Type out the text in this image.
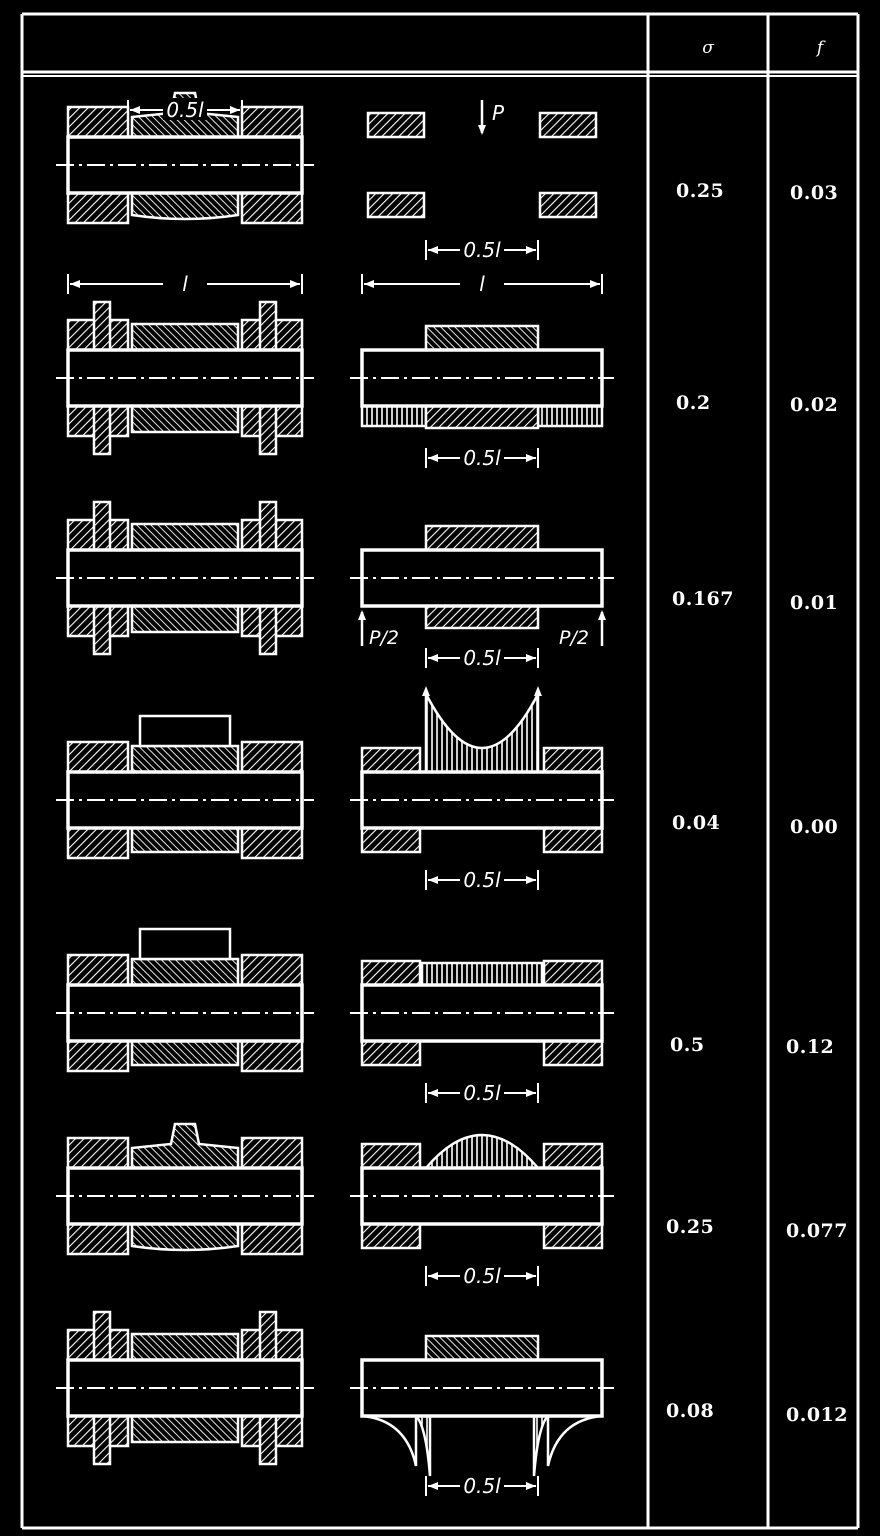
σ	f
0.25	0.03
0.2	0.02
0.167	0.01
0.04	0.00
0.5	0.12
0.25	0.077
0.08	0.012
0.5l
l
P
0.5l
l
0.5l
P/2	P/2
0.5l
0.5l
0.5l
0.5l
0.5l
